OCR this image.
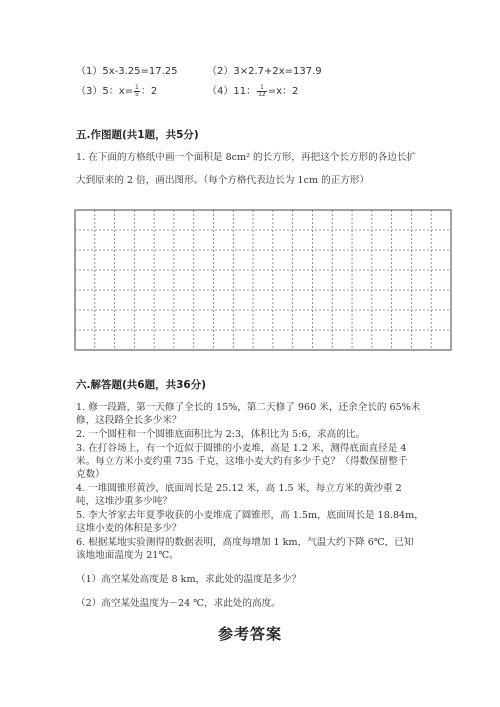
（1）5x-3.25=17.25	（2）3×2.7+2x=137.9
（3）5：$x= \frac{1}{5}$ ：2	（4）11： $\frac{1}{12} =x$：2
五.作图题(共1题，共5分)
1. 在下面的方格纸中画一个面积是 8cm² 的长方形，再把这个长方形的各边长扩
大到原来的 2 倍，画出图形。（每个方格代表边长为 1cm 的正方形）
六.解答题(共6题，共36分)
1. 修一段路，第一天修了全长的 15%，第二天修了 960 米，还余全长的 65%未
修，这段路全长多少米？
2. 一个圆柱和一个圆锥底面积比为 2:3，体积比为 5:6，求高的比。
3. 在打谷场上，有一个近似于圆锥的小麦堆，高是 1.2 米，测得底面直径是 4
米。每立方米小麦约重 735 千克，这堆小麦大约有多少千克？（得数保留整千
克数）
4. 一堆圆锥形黄沙，底面周长是 25.12 米，高 1.5 米，每立方米的黄沙重 2
吨，这堆沙重多少吨？
5. 李大爷家去年夏季收获的小麦堆成了圆锥形，高 1.5m，底面周长是 18.84m，
这堆小麦的体积是多少？
6. 根据某地实验测得的数据表明，高度每增加 1 km，气温大约下降 6℃，已知
该地地面温度为 21℃。
（1）高空某处高度是 8 km，求此处的温度是多少？
（2）高空某处温度为－24 ℃，求此处的高度。
参考答案
